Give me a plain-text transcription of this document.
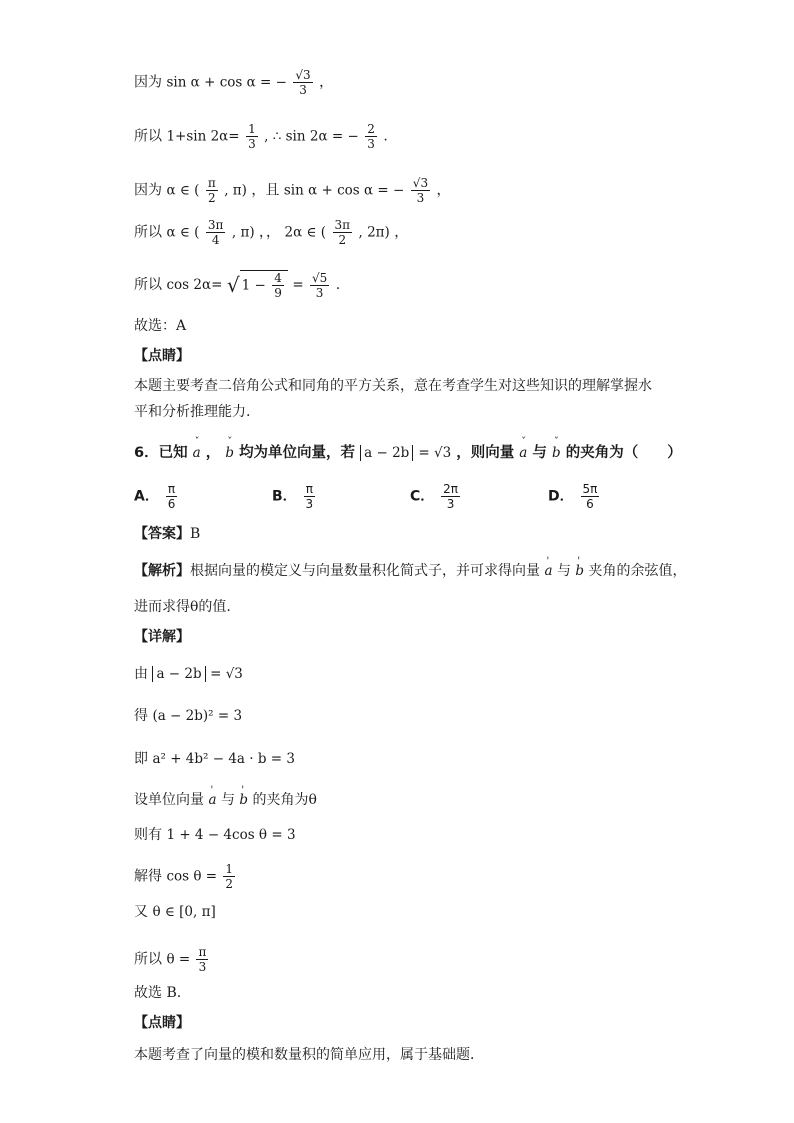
因为 sin α + cos α = − $\frac{√3}{3}$ ，
所以 1+sin $2\alpha= \frac{1}{3}$ , ∴ sin 2α = − $\frac{2}{3}$ .
因为 α ∈ ( $\frac{\pi}{2}$ , π) ，且 sin α + cos α = − $\frac{√3}{3}$ ，
所以 α ∈ ( $\frac{3\pi}{4}$ , π) ，， 2α ∈ ( $\frac{3\pi}{2}$ , 2π) ，
所以 cos 2α= √ $1 - \frac{4}{9} = \frac{√5}{3}$ .
故选：A
【点睛】
本题主要考查二倍角公式和同角的平方关系，意在考查学生对这些知识的理解掌握水平和分析推理能力.
6．已知 ˇ a ， ˇ b 均为单位向量，若 a − 2b = √3 ，则向量 ˇ a 与 ˇ b 的夹角为（　　）
A． $\frac{\pi}{6}$	B． $\frac{\pi}{3}$	C． $\frac{2\pi}{3}$	D． $\frac{5\pi}{6}$
【答案】B
【解析】根据向量的模定义与向量数量积化简式子，并可求得向量 ' a 与 ' b 夹角的余弦值，
进而求得θ的值.
【详解】
由 a − 2b = √3
得 (a − 2b)² = 3
即 a² + 4b² − 4a · b = 3
设单位向量 ' a 与 ' b 的夹角为θ
则有 1 + 4 − 4cos θ = 3
解得 $\cos \theta = \frac{1}{2}$
又 θ ∈ [0, π]
所以 $\theta = \frac{\pi}{3}$
故选 B.
【点睛】
本题考查了向量的模和数量积的简单应用，属于基础题．
